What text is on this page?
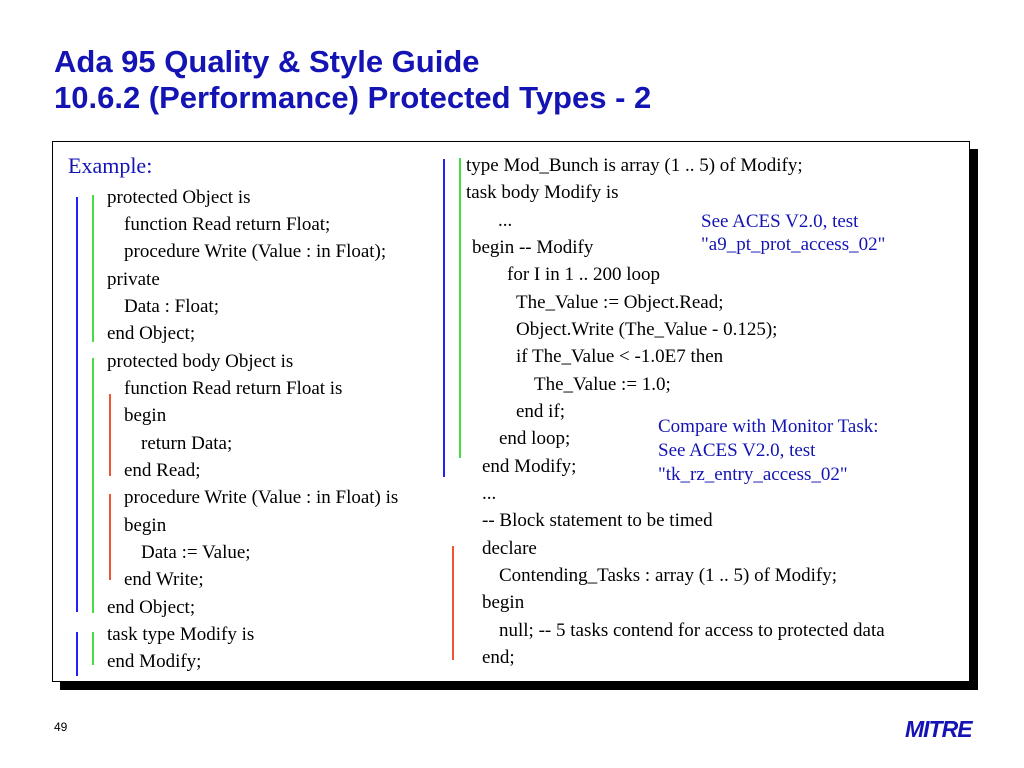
Ada 95 Quality & Style Guide
10.6.2 (Performance) Protected Types - 2
Example:
protected Object is
function Read return Float;
procedure Write (Value : in Float);
private
Data : Float;
end Object;
protected body Object is
function Read return Float is
begin
return Data;
end Read;
procedure Write (Value : in Float) is
begin
Data := Value;
end Write;
end Object;
task type Modify is
end Modify;
type Mod_Bunch is array (1 .. 5) of Modify;
task body Modify is
...
begin -- Modify
for I in 1 .. 200 loop
The_Value := Object.Read;
Object.Write (The_Value - 0.125);
if The_Value < -1.0E7 then
The_Value := 1.0;
end if;
end loop;
end Modify;
...
-- Block statement to be timed
declare
Contending_Tasks : array (1 .. 5) of Modify;
begin
null; -- 5 tasks contend for access to protected data
end;
See ACES V2.0, test
"a9_pt_prot_access_02"
Compare with Monitor Task:
See ACES V2.0, test
"tk_rz_entry_access_02"
49	MITRE
